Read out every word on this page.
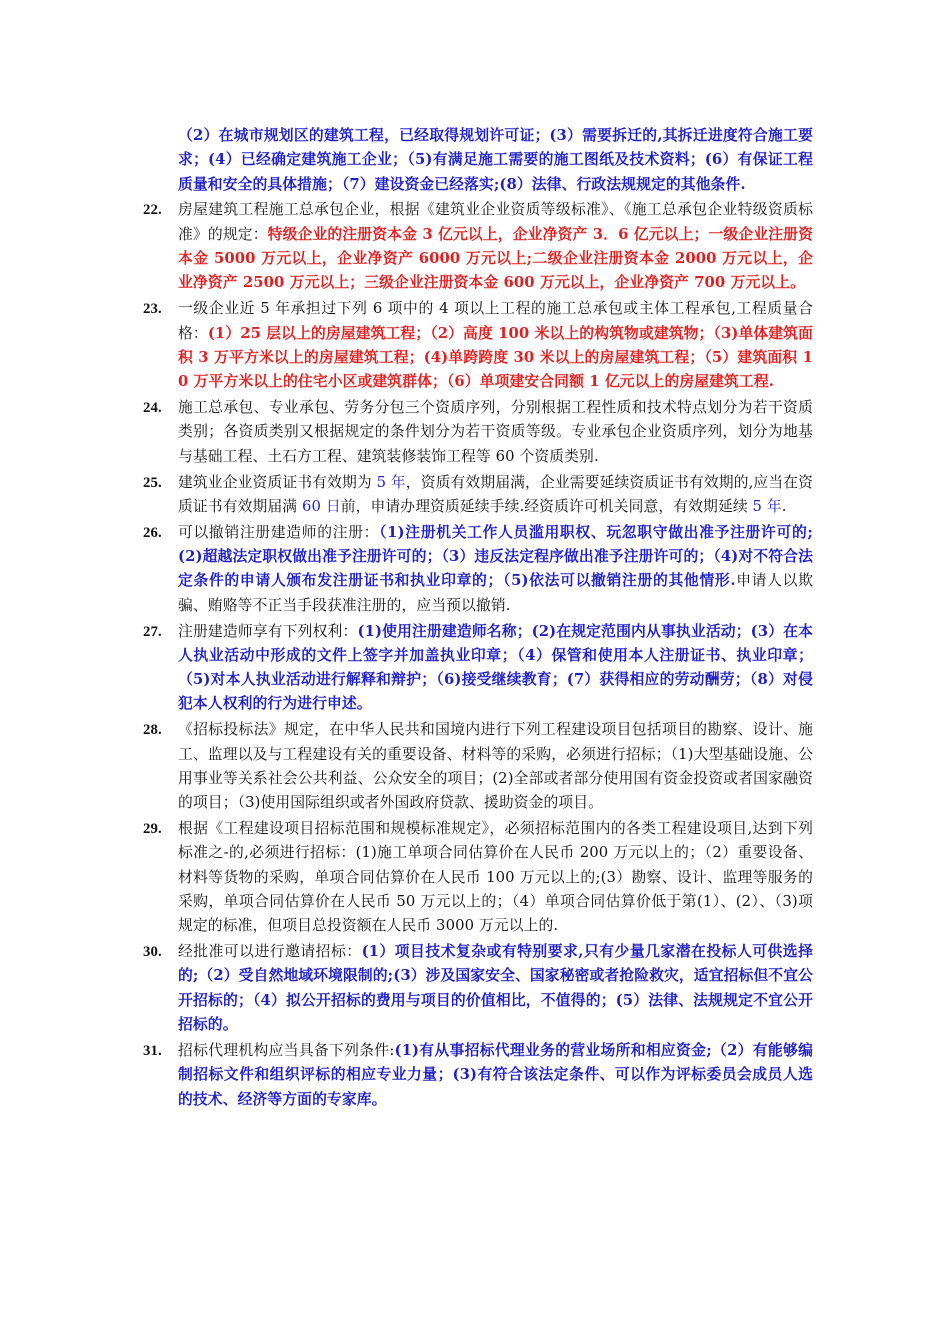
（2）在城市规划区的建筑工程，已经取得规划许可证；(3）需要拆迁的,其拆迁进度符合施工要求；(4）已经确定建筑施工企业；（5)有满足施工需要的施工图纸及技术资料；(6）有保证工程质量和安全的具体措施；（7）建设资金已经落实;(8）法律、行政法规规定的其他条件.
22. 房屋建筑工程施工总承包企业，根据《建筑业企业资质等级标准》、《施工总承包企业特级资质标准》的规定：特级企业的注册资本金 3 亿元以上，企业净资产 3．6 亿元以上；一级企业注册资本金 5000 万元以上，企业净资产 6000 万元以上;二级企业注册资本金 2000 万元以上，企业净资产 2500 万元以上；三级企业注册资本金 600 万元以上，企业净资产 700 万元以上。
23. 一级企业近 5 年承担过下列 6 项中的 4 项以上工程的施工总承包或主体工程承包,工程质量合格：(1）25 层以上的房屋建筑工程；（2）高度 100 米以上的构筑物或建筑物；（3)单体建筑面积 3 万平方米以上的房屋建筑工程；(4)单跨跨度 30 米以上的房屋建筑工程；（5）建筑面积 10 万平方米以上的住宅小区或建筑群体；（6）单项建安合同额 1 亿元以上的房屋建筑工程.
24. 施工总承包、专业承包、劳务分包三个资质序列，分别根据工程性质和技术特点划分为若干资质类别；各资质类别又根据规定的条件划分为若干资质等级。专业承包企业资质序列，划分为地基与基础工程、土石方工程、建筑装修装饰工程等 60 个资质类别.
25. 建筑业企业资质证书有效期为 5 年，资质有效期届满，企业需要延续资质证书有效期的,应当在资质证书有效期届满 60 日前，申请办理资质延续手续.经资质许可机关同意，有效期延续 5 年.
26. 可以撤销注册建造师的注册：（1)注册机关工作人员滥用职权、玩忽职守做出准予注册许可的;(2)超越法定职权做出准予注册许可的；（3）违反法定程序做出准予注册许可的；（4)对不符合法定条件的申请人颁布发注册证书和执业印章的；（5)依法可以撤销注册的其他情形.申请人以欺骗、贿赂等不正当手段获准注册的，应当预以撤销.
27. 注册建造师享有下列权利：(1)使用注册建造师名称；(2)在规定范围内从事执业活动；(3）在本人执业活动中形成的文件上签字并加盖执业印章；（4）保管和使用本人注册证书、执业印章；（5)对本人执业活动进行解释和辩护；（6)接受继续教育；(7）获得相应的劳动酬劳；（8）对侵犯本人权利的行为进行申述。
28. 《招标投标法》规定，在中华人民共和国境内进行下列工程建设项目包括项目的勘察、设计、施工、监理以及与工程建设有关的重要设备、材料等的采购，必须进行招标；（1)大型基础设施、公用事业等关系社会公共利益、公众安全的项目；(2)全部或者部分使用国有资金投资或者国家融资的项目；（3)使用国际组织或者外国政府贷款、援助资金的项目。
29. 根据《工程建设项目招标范围和规模标准规定》，必须招标范围内的各类工程建设项目,达到下列标准之-的,必须进行招标：(1)施工单项合同估算价在人民币 200 万元以上的；（2）重要设备、材料等货物的采购，单项合同估算价在人民币 100 万元以上的;(3）勘察、设计、监理等服务的采购，单项合同估算价在人民币 50 万元以上的；（4）单项合同估算价低于第(1）、(2）、（3)项规定的标准，但项目总投资额在人民币 3000 万元以上的.
30. 经批准可以进行邀请招标：(1）项目技术复杂或有特别要求,只有少量几家潜在投标人可供选择的;（2）受自然地域环境限制的;(3）涉及国家安全、国家秘密或者抢险救灾，适宜招标但不宜公开招标的；（4）拟公开招标的费用与项目的价值相比，不值得的；(5）法律、法规规定不宜公开招标的。
31. 招标代理机构应当具备下列条件:(1)有从事招标代理业务的营业场所和相应资金;（2）有能够编制招标文件和组织评标的相应专业力量；(3)有符合该法定条件、可以作为评标委员会成员人选的技术、经济等方面的专家库。
